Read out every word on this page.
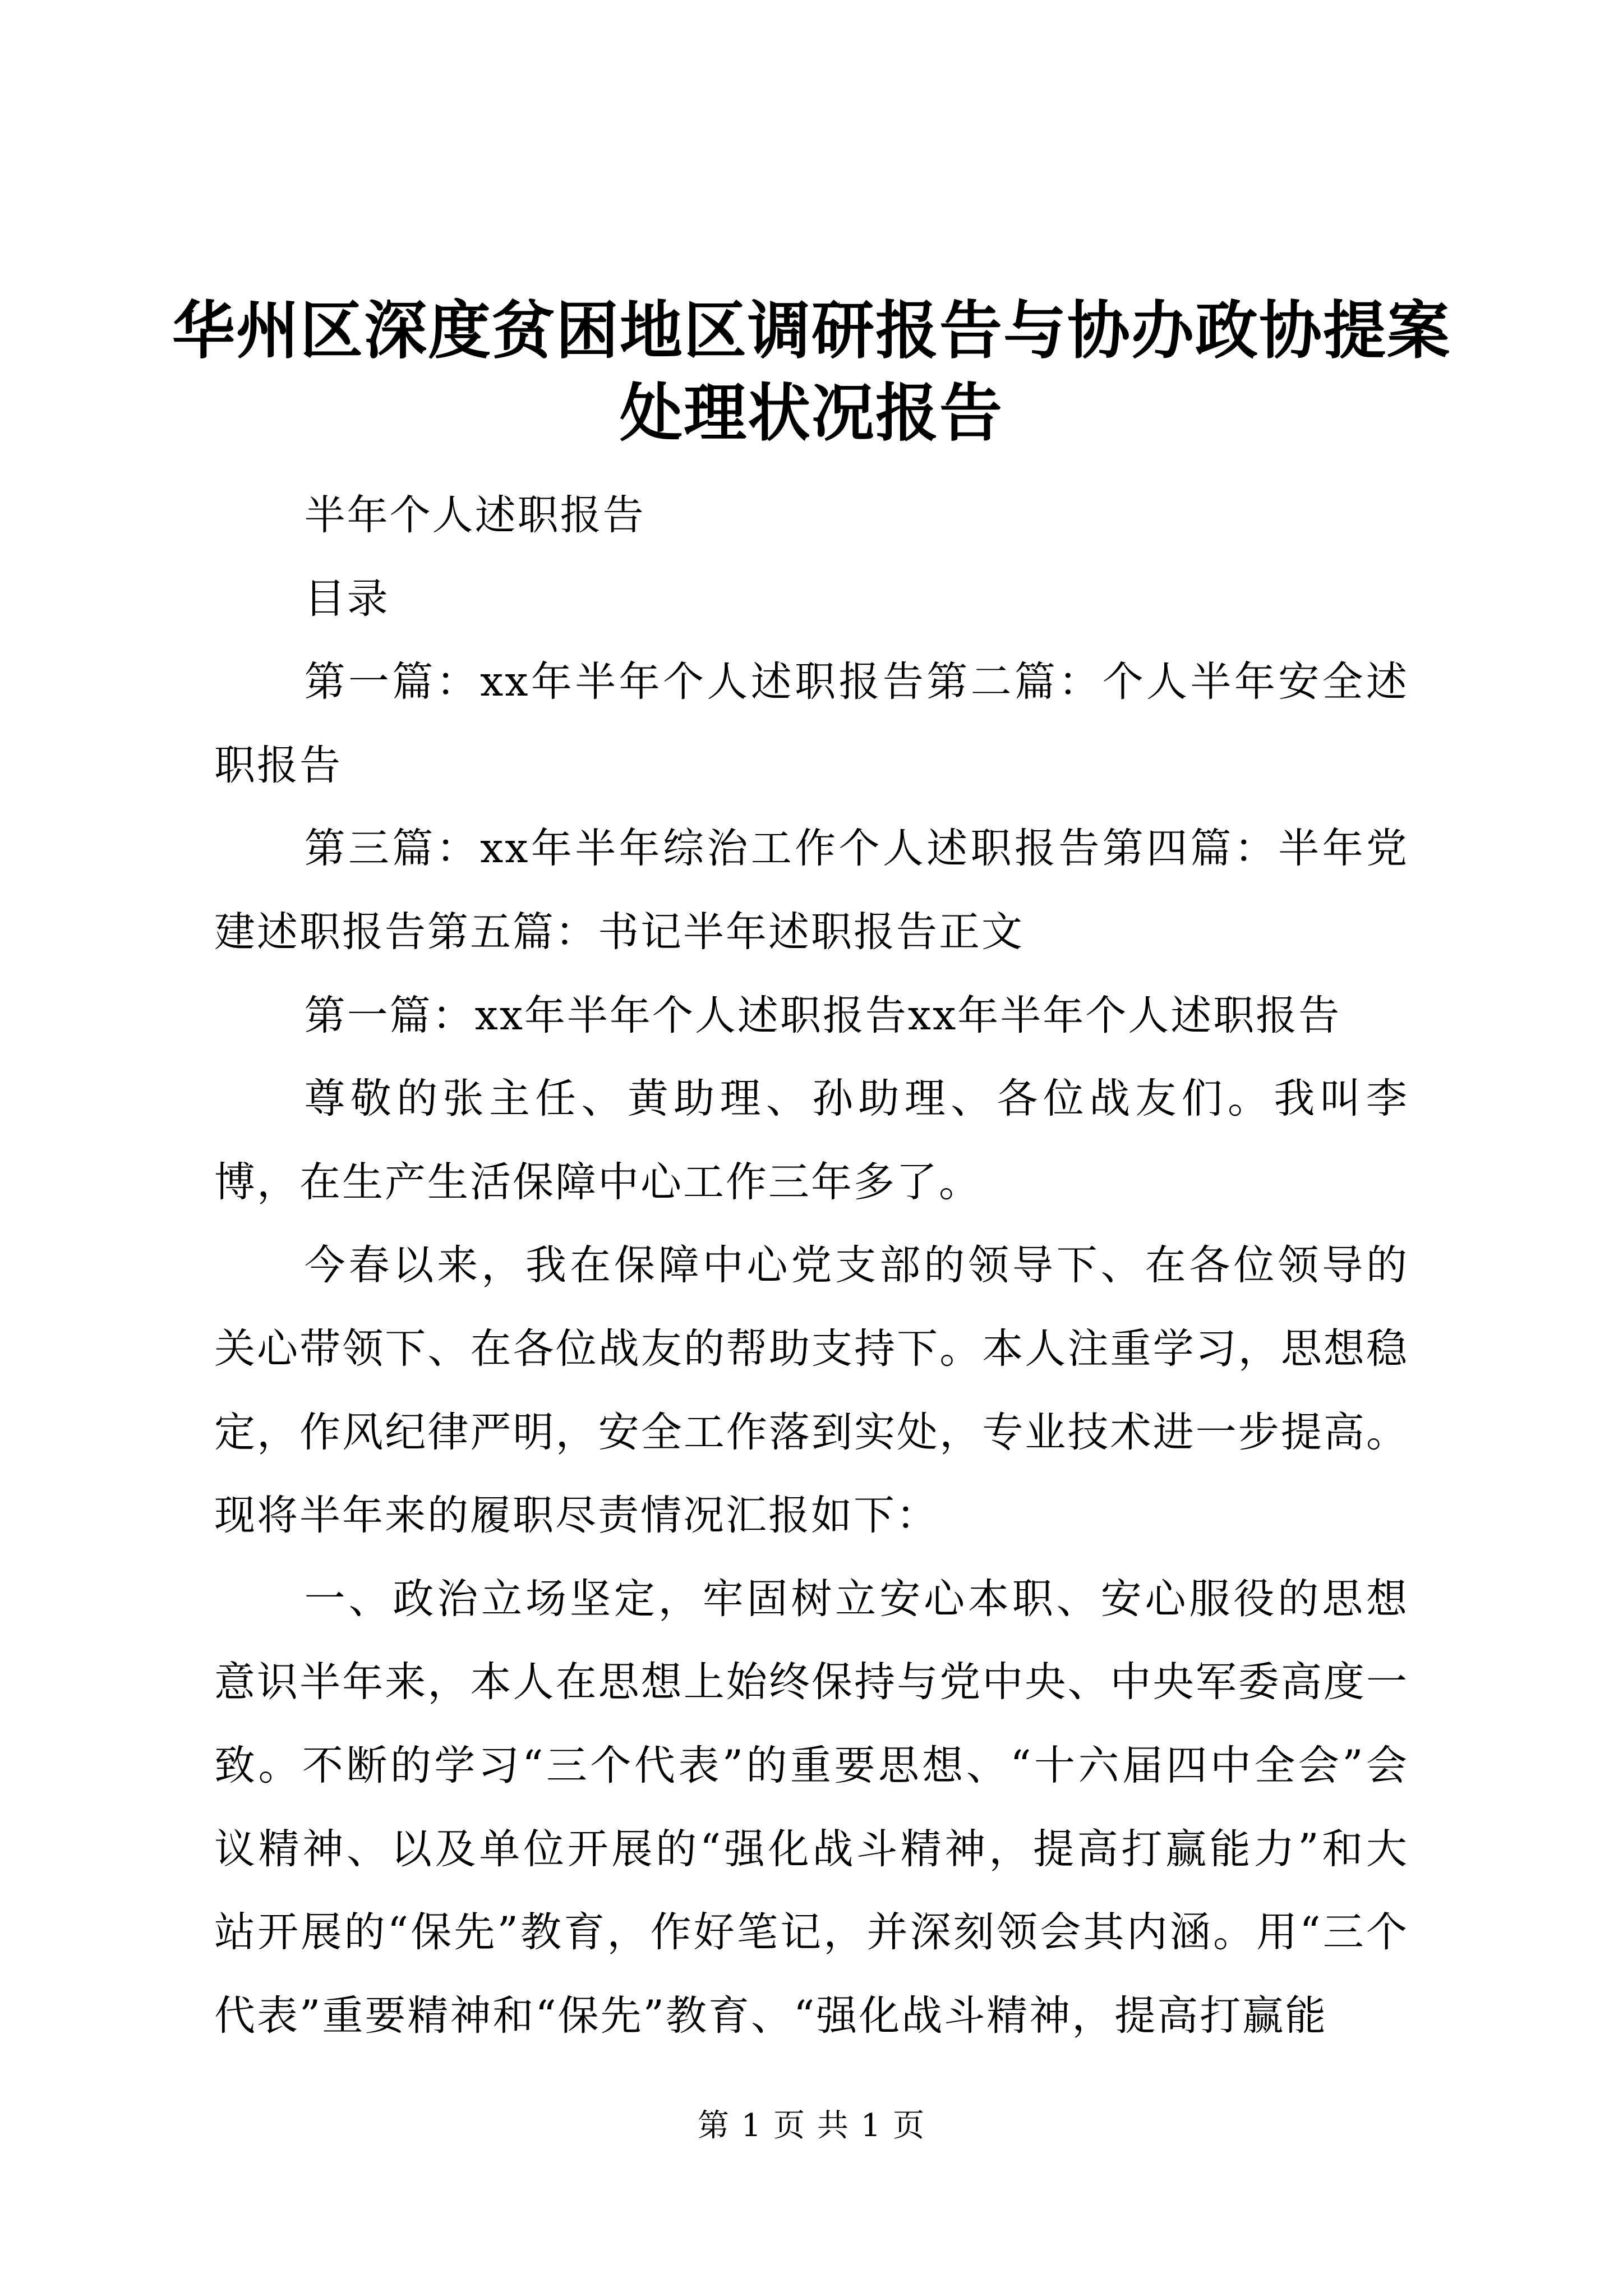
华州区深度贫困地区调研报告与协办政协提案
处理状况报告

半年个人述职报告

目录

第一篇：xx年半年个人述职报告第二篇：个人半年安全述职报告

第三篇：xx年半年综治工作个人述职报告第四篇：半年党建述职报告第五篇：书记半年述职报告正文

第一篇：xx年半年个人述职报告xx年半年个人述职报告

尊敬的张主任、黄助理、孙助理、各位战友们。我叫李博，在生产生活保障中心工作三年多了。

今春以来，我在保障中心党支部的领导下、在各位领导的关心带领下、在各位战友的帮助支持下。本人注重学习，思想稳定，作风纪律严明，安全工作落到实处，专业技术进一步提高。现将半年来的履职尽责情况汇报如下：

一、政治立场坚定，牢固树立安心本职、安心服役的思想意识半年来，本人在思想上始终保持与党中央、中央军委高度一致。不断的学习“三个代表”的重要思想、“十六届四中全会”会议精神、以及单位开展的“强化战斗精神，提高打赢能力”和大站开展的“保先”教育，作好笔记，并深刻领会其内涵。用“三个代表”重要精神和“保先”教育、“强化战斗精神，提高打赢能

第 1 页 共 1 页
